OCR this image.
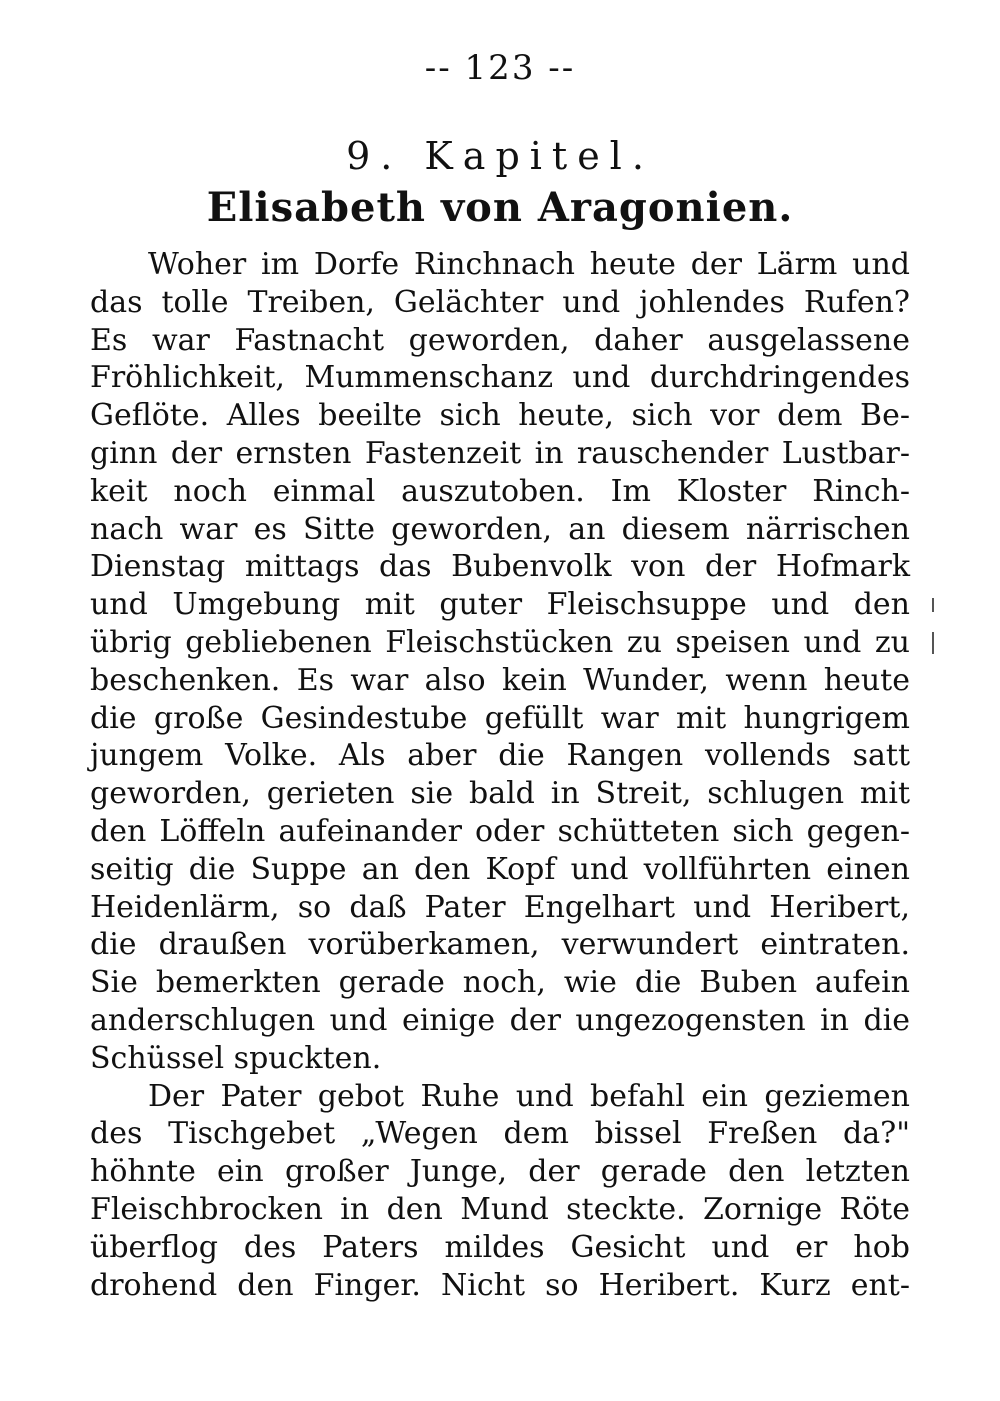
-- 123 --
9. Kapitel.
Elisabeth von Aragonien.
Woher im Dorfe Rinchnach heute der Lärm und
das tolle Treiben, Gelächter und johlendes Rufen?
Es war Fastnacht geworden, daher ausgelassene
Fröhlichkeit, Mummenschanz und durchdringendes
Geflöte. Alles beeilte sich heute, sich vor dem Be-
ginn der ernsten Fastenzeit in rauschender Lustbar-
keit noch einmal auszutoben. Im Kloster Rinch-
nach war es Sitte geworden, an diesem närrischen
Dienstag mittags das Bubenvolk von der Hofmark
und Umgebung mit guter Fleischsuppe und den
übrig gebliebenen Fleischstücken zu speisen und zu
beschenken. Es war also kein Wunder, wenn heute
die große Gesindestube gefüllt war mit hungrigem
jungem Volke. Als aber die Rangen vollends satt
geworden, gerieten sie bald in Streit, schlugen mit
den Löffeln aufeinander oder schütteten sich gegen-
seitig die Suppe an den Kopf und vollführten einen
Heidenlärm, so daß Pater Engelhart und Heribert,
die draußen vorüberkamen, verwundert eintraten.
Sie bemerkten gerade noch, wie die Buben aufein
anderschlugen und einige der ungezogensten in die
Schüssel spuckten.
Der Pater gebot Ruhe und befahl ein geziemen
des Tischgebet „Wegen dem bissel Freßen da?"
höhnte ein großer Junge, der gerade den letzten
Fleischbrocken in den Mund steckte. Zornige Röte
überflog des Paters mildes Gesicht und er hob
drohend den Finger. Nicht so Heribert. Kurz ent-
